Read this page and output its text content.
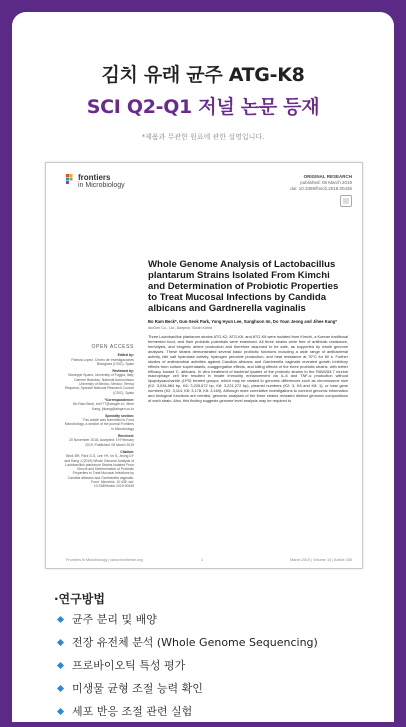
김치 유래 균주 ATG-K8
SCI Q2-Q1 저널 논문 등재
*제품과 무관한 원료에 관한 설명입니다.
frontiers
in Microbiology
ORIGINAL RESEARCH
published: 08 March 2019
doi: 10.3389/fmicb.2019.00435
OPEN ACCESS
Edited by:
Patricia Lopez, Centro de Investigaciones Biologicas (CSIC), Spain
Reviewed by:
Giuseppe Spano, University of Foggia, Italy; Carmen Brandao, National Autonomous University of Mexico, Mexico; Teresa Requena, Spanish National Research Council (CSIC), Spain
*Correspondence:
Bo Ram Beck, brb777@atogen.kr; Jihee Kang, jhkang@atogen.co.kr
Specialty section:
This article was submitted to Food Microbiology, a section of the journal Frontiers in Microbiology
Received:
20 November 2018; Accepted: 19 February 2019; Published: 08 March 2019
Citation:
Beck BR, Park G-S, Lee YH, Im S, Jeong DY and Kang J (2019) Whole Genome Analysis of Lactobacillus plantarum Strains Isolated From Kimchi and Determination of Probiotic Properties to Treat Mucosal Infections by Candida albicans and Gardnerella vaginalis. Front. Microbiol. 10:435. doi: 10.3389/fmicb.2019.00435
Whole Genome Analysis of Lactobacillus plantarum Strains Isolated From Kimchi and Determination of Probiotic Properties to Treat Mucosal Infections by Candida albicans and Gardnerella vaginalis
Bo Ram Beck*, Gun-Seok Park, Yong Hyun Lee, Sunghoon Im, Do Youn Jeong and Jihee Kang*
AtoGen Co., Ltd., Daejeon, South Korea
Three Lactobacillus plantarum strains ATG-K2, ATG-K6, and ATG-K8 were isolated from Kimchi, a Korean traditional fermented food, and their probiotic potentials were examined. All three strains were free of antibiotic resistance, hemolysis, and biogenic amine production and therefore assumed to be safe, as supported by whole genome analyses. These strains demonstrated several basic probiotic functions including a wide range of antibacterial activity, bile salt hydrolase activity, hydrogen peroxide production, and heat resistance at 70°C for 60 s. Further studies of antimicrobial activities against Candida albicans and Gardnerella vaginalis revealed growth inhibitory effects from culture supernatants, coaggregation effects, and killing effects of the three probiotic strains, with better efficacy toward C. albicans. In vitro treatment of bacterial lysates of the probiotic strains to the RAW264.7 murine macrophage cell line resulted in innate immunity enhancement via IL-6 and TNF-α production without lipopolysaccharide (LPS) treated groups, which may be related to genomic differences such as chromosome size (K2: 3,034,884 bp, K6: 3,205,672 bp, K8: 3,221,272 bp), plasmid numbers (K2: 3, K6 and K8: 1), or total gene numbers (K2: 3,114, K6: 3,178, K8: 3,169). Although more correlative investigations to connect genomic information and biological functions are needed, genomic analyses of the three strains revealed distinct genomic compositions of each strain. Also, this finding suggests genome level analysis may be required to
Frontiers in Microbiology | www.frontiersin.org	1	March 2019 | Volume 10 | Article 435
·연구방법
균주 분리 및 배양
전장 유전체 분석 (Whole Genome Sequencing)
프로바이오틱 특성 평가
미생물 균형 조절 능력 확인
세포 반응 조절 관련 실험
